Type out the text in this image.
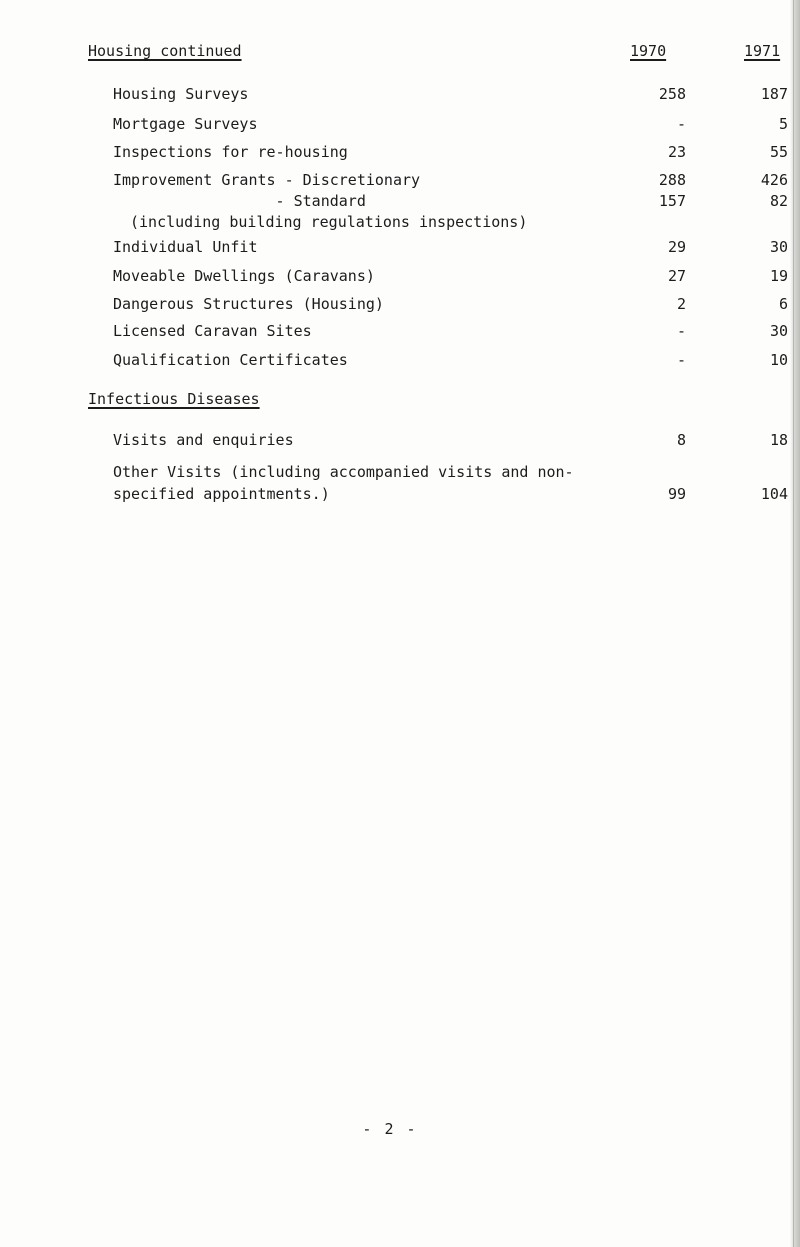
Housing continued	1970	1971
Housing Surveys	258	187
Mortgage Surveys	-	5
Inspections for re-housing	23	55
Improvement Grants - Discretionary	288	426
- Standard	157	82
(including building regulations inspections)
Individual Unfit	29	30
Moveable Dwellings (Caravans)	27	19
Dangerous Structures (Housing)	2	6
Licensed Caravan Sites	-	30
Qualification Certificates	-	10
Infectious Diseases
Visits and enquiries	8	18
Other Visits (including accompanied visits and non-
specified appointments.)	99	104
- 2 -
